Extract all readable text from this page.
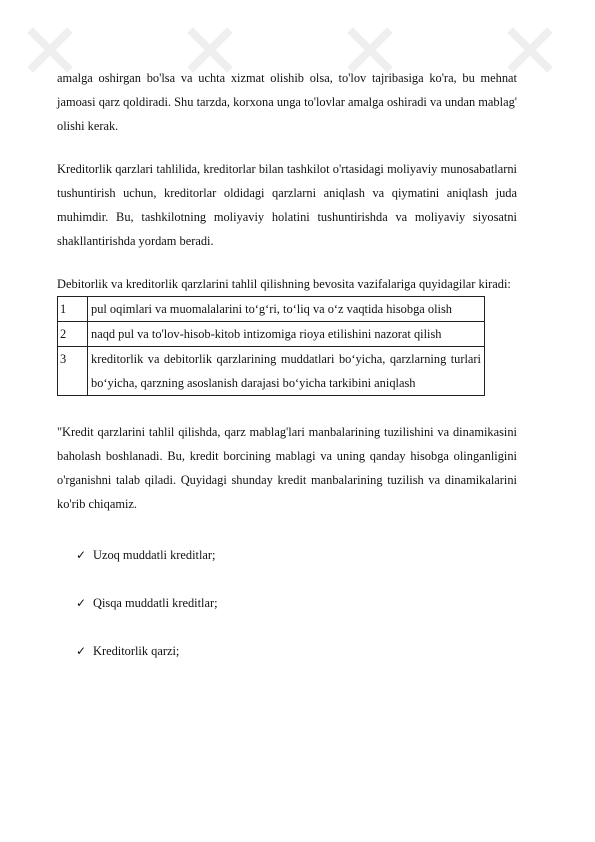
amalga oshirgan bo'lsa va uchta xizmat olishib olsa, to'lov tajribasiga ko'ra, bu mehnat jamoasi qarz qoldiradi. Shu tarzda, korxona unga to'lovlar amalga oshiradi va undan mablag' olishi kerak.

Kreditorlik qarzlari tahlilida, kreditorlar bilan tashkilot o'rtasidagi moliyaviy munosabatlarni tushuntirish uchun, kreditorlar oldidagi qarzlarni aniqlash va qiymatini aniqlash juda muhimdir. Bu, tashkilotning moliyaviy holatini tushuntirishda va moliyaviy siyosatni shakllantirishda yordam beradi.

Debitorlik va kreditorlik qarzlarini tahlil qilishning bevosita vazifalariga quyidagilar kiradi:

1	pul oqimlari va muomalalarini to‘g‘ri, to‘liq va o‘z vaqtida hisobga olish
2	naqd pul va to'lov-hisob-kitob intizomiga rioya etilishini nazorat qilish
3	kreditorlik va debitorlik qarzlarining muddatlari bo‘yicha, qarzlarning turlari bo‘yicha, qarzning asoslanish darajasi bo‘yicha tarkibini aniqlash

"Kredit qarzlarini tahlil qilishda, qarz mablag'lari manbalarining tuzilishini va dinamikasini baholash boshlanadi. Bu, kredit borcining mablagi va uning qanday hisobga olinganligini o'rganishni talab qiladi. Quyidagi shunday kredit manbalarining tuzilish va dinamikalarini ko'rib chiqamiz.

✓ Uzoq muddatli kreditlar;
✓ Qisqa muddatli kreditlar;
✓ Kreditorlik qarzi;
